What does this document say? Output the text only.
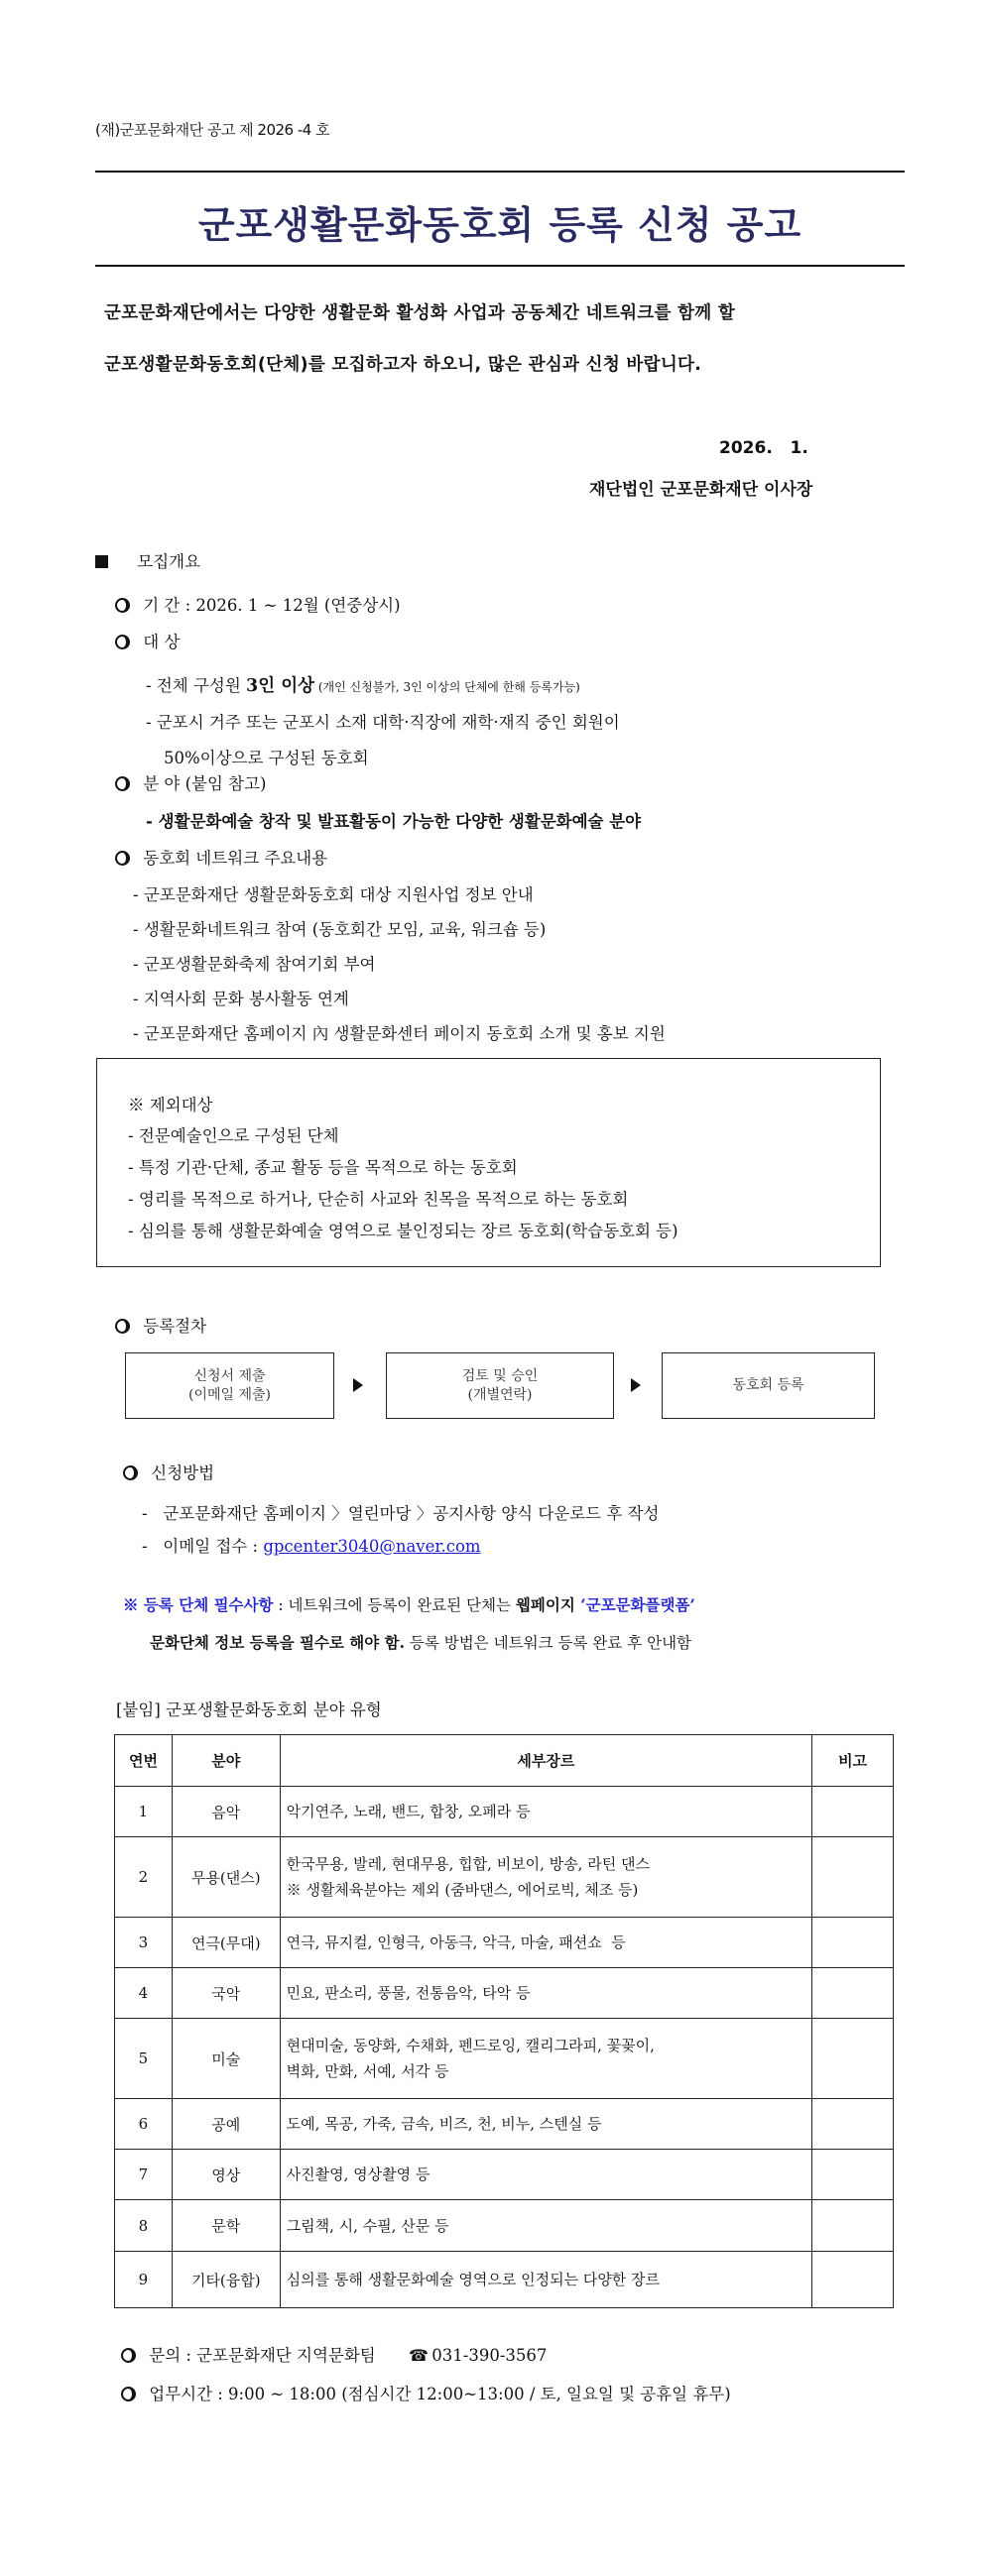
(재)군포문화재단 공고 제 2026 -4 호
군포생활문화동호회 등록 신청 공고
군포문화재단에서는 다양한 생활문화 활성화 사업과 공동체간 네트워크를 함께 할
군포생활문화동호회(단체)를 모집하고자 하오니, 많은 관심과 신청 바랍니다.
2026.   1.
재단법인 군포문화재단 이사장
모집개요
기 간 : 2026. 1 ~ 12월 (연중상시)
대 상
- 전체 구성원 3인 이상 (개인 신청불가, 3인 이상의 단체에 한해 등록가능)
- 군포시 거주 또는 군포시 소재 대학·직장에 재학·재직 중인 회원이
50%이상으로 구성된 동호회
분 야 (붙임 참고)
- 생활문화예술 창작 및 발표활동이 가능한 다양한 생활문화예술 분야
동호회 네트워크 주요내용
- 군포문화재단 생활문화동호회 대상 지원사업 정보 안내
- 생활문화네트워크 참여 (동호회간 모임, 교육, 워크숍 등)
- 군포생활문화축제 참여기회 부여
- 지역사회 문화 봉사활동 연계
- 군포문화재단 홈페이지 內 생활문화센터 페이지 동호회 소개 및 홍보 지원
※ 제외대상
- 전문예술인으로 구성된 단체
- 특정 기관·단체, 종교 활동 등을 목적으로 하는 동호회
- 영리를 목적으로 하거나, 단순히 사교와 친목을 목적으로 하는 동호회
- 심의를 통해 생활문화예술 영역으로 불인정되는 장르 동호회(학습동호회 등)
등록절차
신청서 제출
(이메일 제출)
검토 및 승인
(개별연락)
동호회 등록
신청방법
-   군포문화재단 홈페이지 〉열린마당 〉공지사항 양식 다운로드 후 작성
-   이메일 접수 : gpcenter3040@naver.com
※ 등록 단체 필수사항 : 네트워크에 등록이 완료된 단체는 웹페이지 ‘군포문화플랫폼’
문화단체 정보 등록을 필수로 해야 함. 등록 방법은 네트워크 등록 완료 후 안내함
[붙임] 군포생활문화동호회 분야 유형
연번	분야	세부장르	비고
1	음악	악기연주, 노래, 밴드, 합창, 오페라 등	
2	무용(댄스)	한국무용, 발레, 현대무용, 힙합, 비보이, 방송, 라틴 댄스
※ 생활체육분야는 제외 (줌바댄스, 에어로빅, 체조 등)	

3	연극(무대)	연극, 뮤지컬, 인형극, 아동극, 악극, 마술, 패션쇼  등	
4	국악	민요, 판소리, 풍물, 전통음악, 타악 등	
5	미술	현대미술, 동양화, 수채화, 펜드로잉, 캘리그라피, 꽃꽂이,
벽화, 만화, 서예, 서각 등	

6	공예	도예, 목공, 가죽, 금속, 비즈, 천, 비누, 스텐실 등	
7	영상	사진촬영, 영상촬영 등	
8	문학	그림책, 시, 수필, 산문 등	
9	기타(융합)	심의를 통해 생활문화예술 영역으로 인정되는 다양한 장르	
문의 : 군포문화재단 지역문화팀 ☎ 031-390-3567
업무시간 : 9:00 ~ 18:00 (점심시간 12:00~13:00 / 토, 일요일 및 공휴일 휴무)
